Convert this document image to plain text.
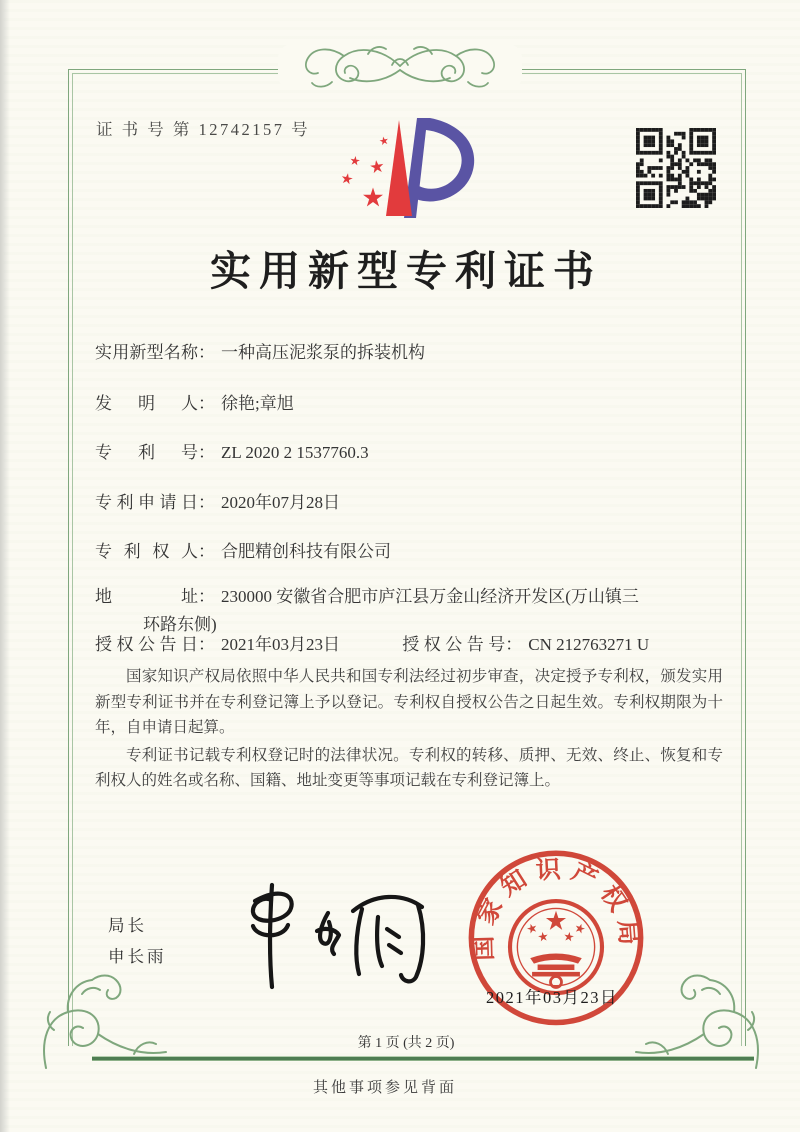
证 书 号 第 12742157 号
实用新型专利证书
实用新型名称： 一种高压泥浆泵的拆装机构
发明人： 徐艳;章旭
专利号： ZL 2020 2 1537760.3
专利申请日： 2020年07月28日
专利权人： 合肥精创科技有限公司
地址： 230000 安徽省合肥市庐江县万金山经济开发区(万山镇三
环路东侧)
授权公告日： 2021年03月23日	授权公告号： CN 212763271 U

国家知识产权局依照中华人民共和国专利法经过初步审查，决定授予专利权，颁发实用新型专利证书并在专利登记簿上予以登记。专利权自授权公告之日起生效。专利权期限为十年，自申请日起算。

专利证书记载专利权登记时的法律状况。专利权的转移、质押、无效、终止、恢复和专利权人的姓名或名称、国籍、地址变更等事项记载在专利登记簿上。

局长
申长雨	国家知识产权局
2021年03月23日
第 1 页 (共 2 页)
其他事项参见背面
